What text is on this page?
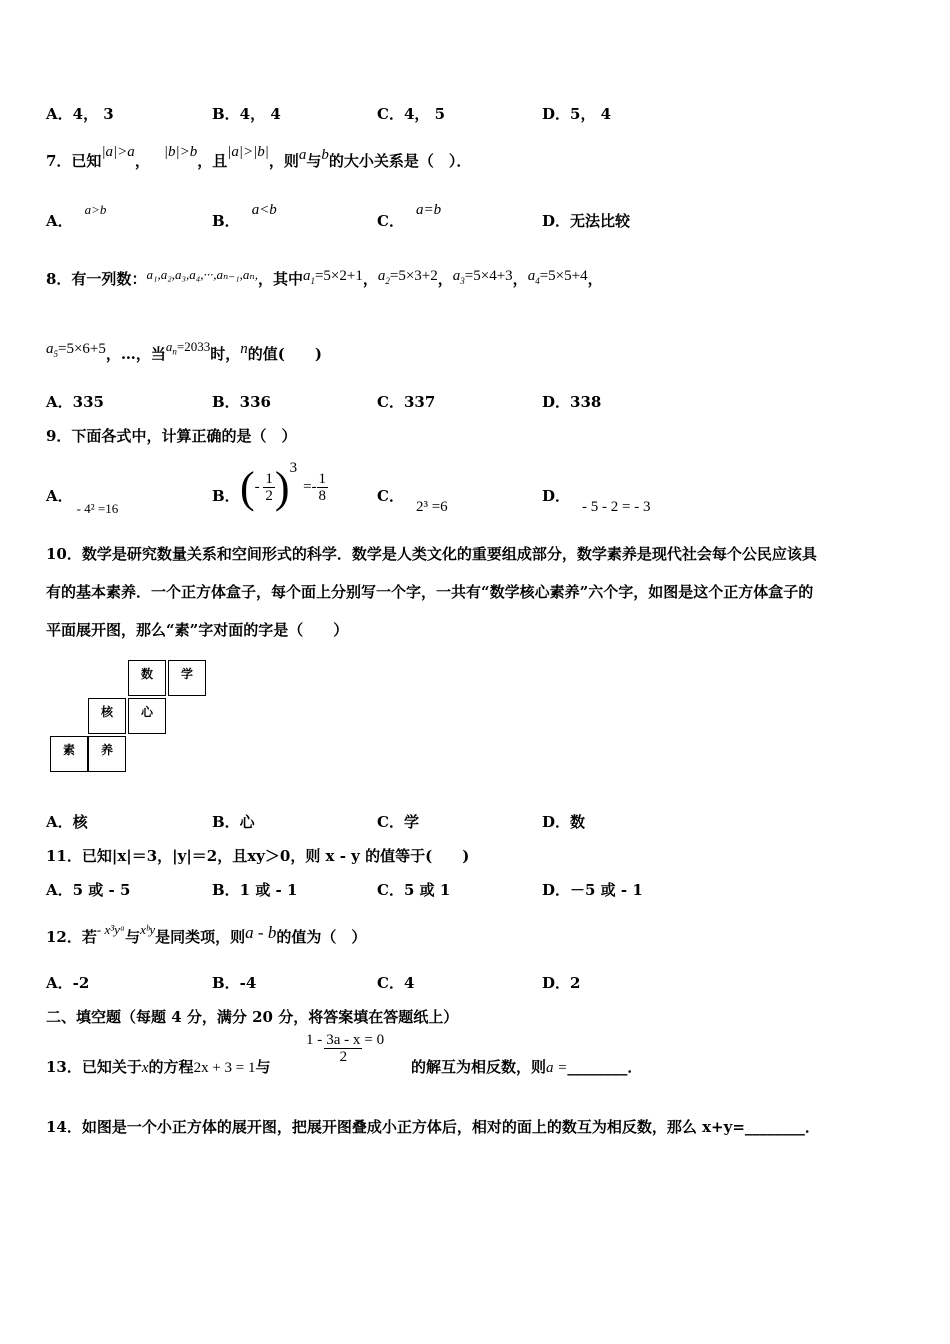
A．4， 3	B．4， 4	C．4， 5	D．5， 4
7．已知|a|>a， |b|>b，且|a|>|b|，则a与b的大小关系是（　）．
A．a>b
B．a<b
C．a=b
D．无法比较
8．有一列数：a₁,a₂,a₃,a₄,···,aₙ₋₁,aₙ,，其中$a_1=5\times 2+1$，$a_2=5\times 3+2$，$a_3=5\times 4+3$，$a_4=5\times 5+4$，
$a_5=5\times 6+5$，…，当$a_n=2033$时，n的值(　　)
A．335	B．336	C．337	D．338
9．下面各式中，计算正确的是（　）
A．- 4² =16
B． (- $\frac{1}{2} )^3=- \frac{1}{8}$	C．2³ =6
D．- 5 - 2 = - 3
10．数学是研究数量关系和空间形式的科学．数学是人类文化的重要组成部分，数学素养是现代社会每个公民应该具
有的基本素养．一个正方体盒子，每个面上分别写一个字，一共有“数学核心素养”六个字，如图是这个正方体盒子的
平面展开图，那么“素”字对面的字是（　　）
数	学
核	心
素	养
A．核	B．心	C．学	D．数
11．已知|x|＝3，|y|＝2，且xy＞0，则 x - y 的值等于(　　)
A．5 或 - 5	B．1 或 - 1	C．5 或 1	D．－5 或 - 1
12．若- x³yᵃ与xᵇy是同类项，则a - b的值为（　）
A．-2	B．-4	C．4	D．2
二、填空题（每题 4 分，满分 20 分，将答案填在答题纸上）
13．已知关于x的方程2x + 3 = 1与
$1 - \frac{3a - x}{2} = 0$
的解互为相反数，则a =________．
14．如图是一个小正方体的展开图，把展开图叠成小正方体后，相对的面上的数互为相反数，那么 x+y=________．
